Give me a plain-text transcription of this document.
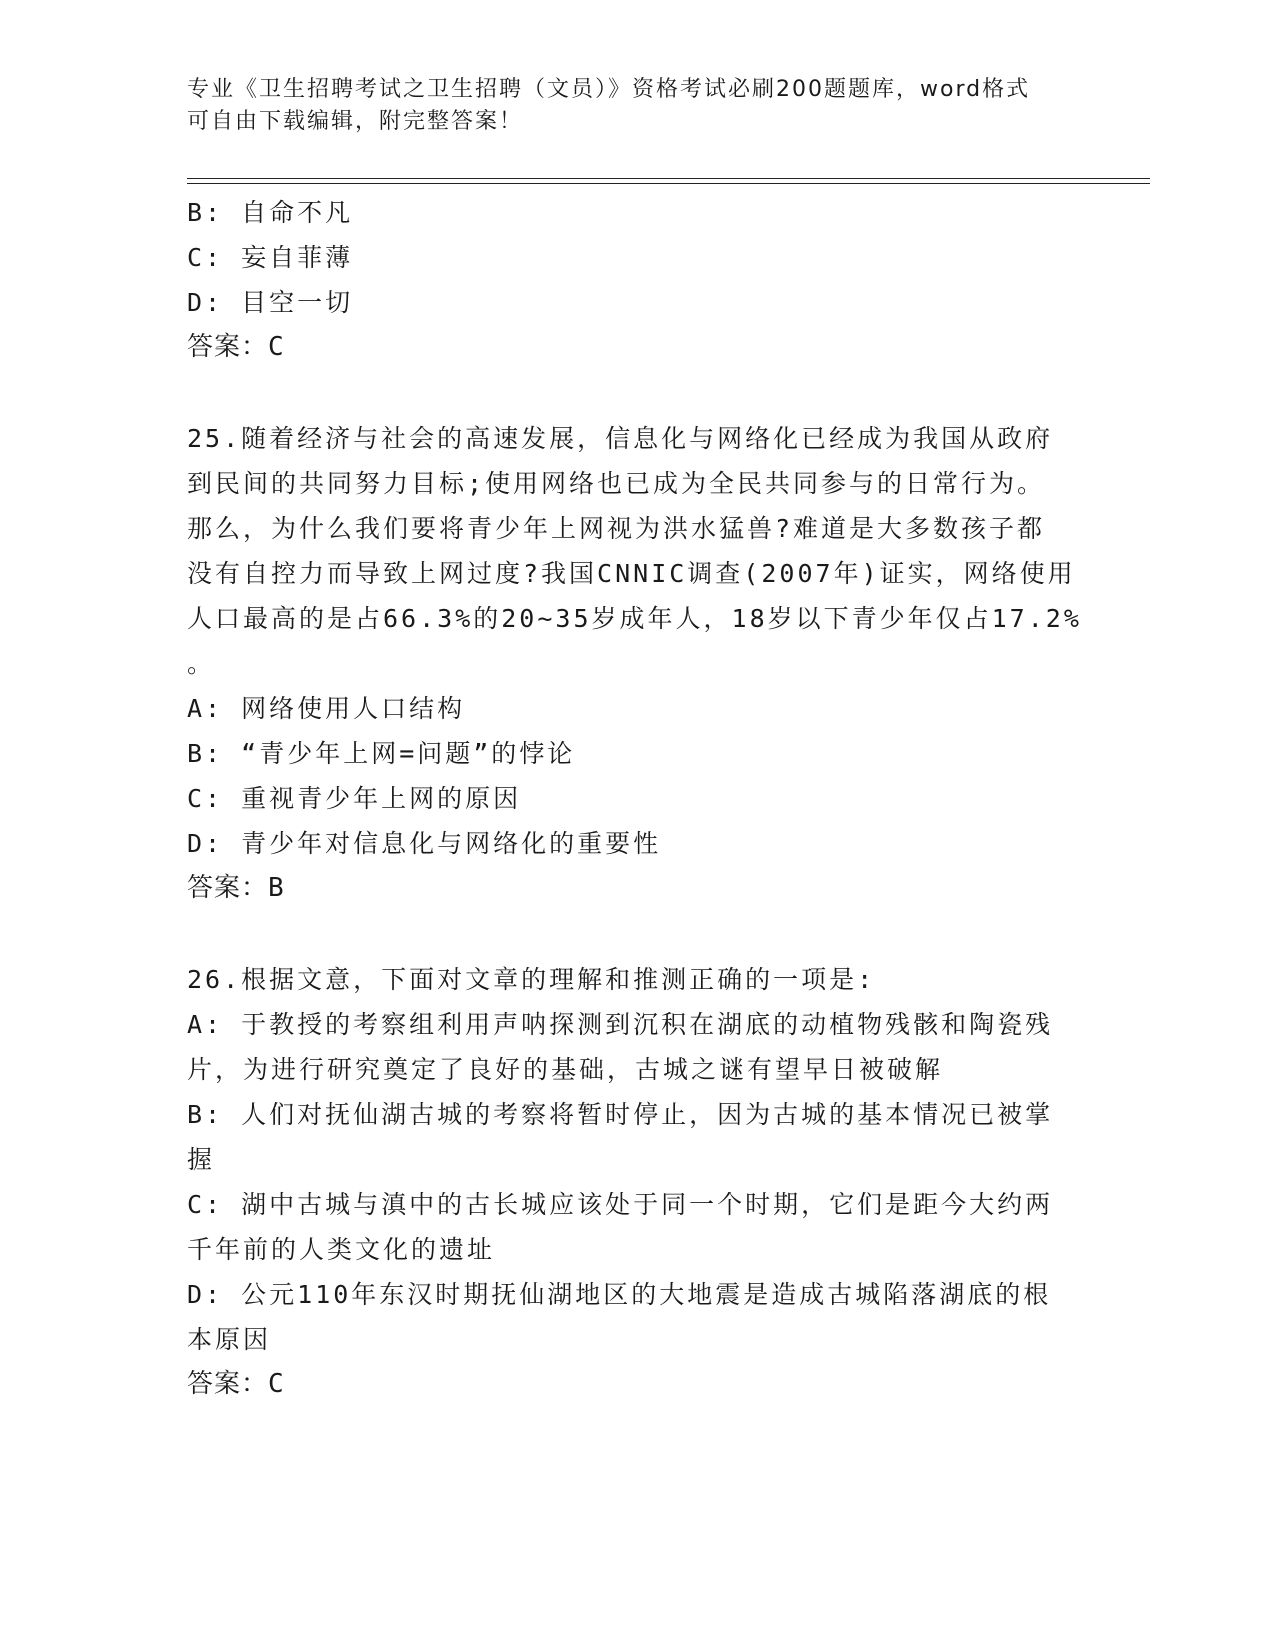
专业《卫生招聘考试之卫生招聘（文员）》资格考试必刷200题题库，word格式
可自由下载编辑，附完整答案！
B: 自命不凡
C: 妄自菲薄
D: 目空一切
答案：C
25.随着经济与社会的高速发展，信息化与网络化已经成为我国从政府
到民间的共同努力目标;使用网络也已成为全民共同参与的日常行为。
那么，为什么我们要将青少年上网视为洪水猛兽?难道是大多数孩子都
没有自控力而导致上网过度?我国CNNIC调查(2007年)证实，网络使用
人口最高的是占66.3%的20~35岁成年人，18岁以下青少年仅占17.2%
。
A: 网络使用人口结构
B: “青少年上网=问题”的悖论
C: 重视青少年上网的原因
D: 青少年对信息化与网络化的重要性
答案：B
26.根据文意，下面对文章的理解和推测正确的一项是:
A: 于教授的考察组利用声呐探测到沉积在湖底的动植物残骸和陶瓷残
片，为进行研究奠定了良好的基础，古城之谜有望早日被破解
B: 人们对抚仙湖古城的考察将暂时停止，因为古城的基本情况已被掌
握
C: 湖中古城与滇中的古长城应该处于同一个时期，它们是距今大约两
千年前的人类文化的遗址
D: 公元110年东汉时期抚仙湖地区的大地震是造成古城陷落湖底的根
本原因
答案：C
